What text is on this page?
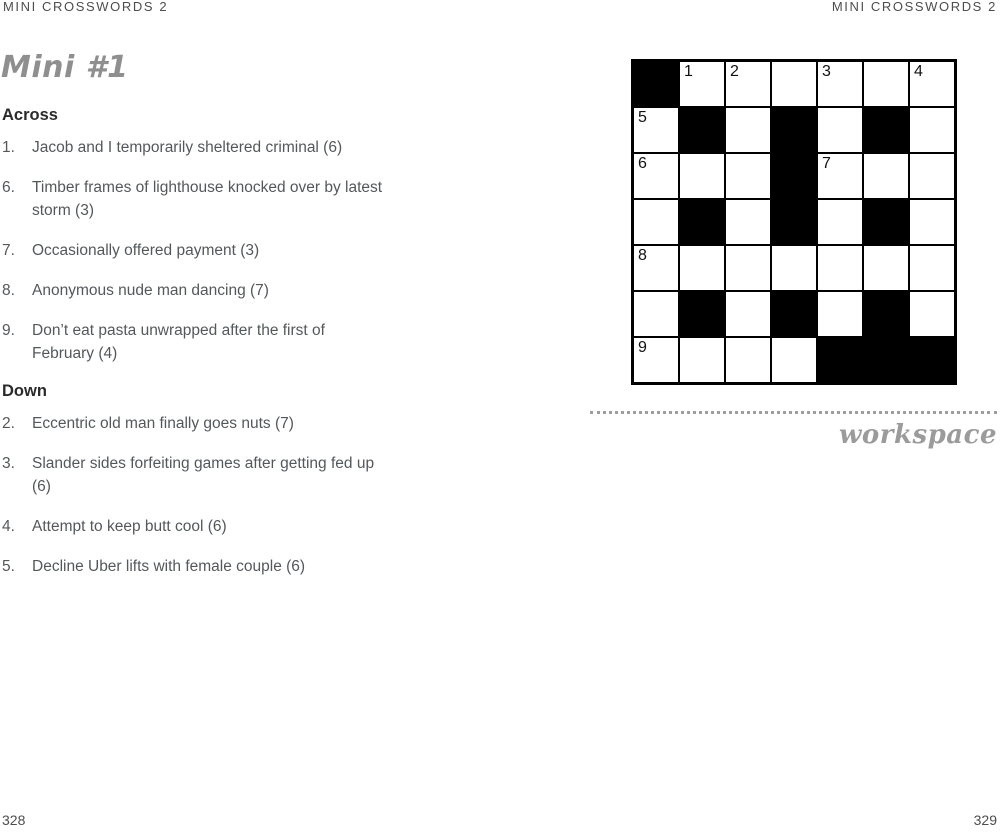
MINI CROSSWORDS 2
Mini #1
Across
1.	Jacob and I temporarily sheltered criminal (6)
6.	Timber frames of lighthouse knocked over by latest storm (3)
7.	Occasionally offered payment (3)
8.	Anonymous nude man dancing (7)
9.	Don’t eat pasta unwrapped after the first of February (4)
Down
2.	Eccentric old man finally goes nuts (7)
3.	Slander sides forfeiting games after getting fed up (6)
4.	Attempt to keep butt cool (6)
5.	Decline Uber lifts with female couple (6)
328
MINI CROSSWORDS 2
1 2	3	4
5
6	7
8
9
workspace
329
